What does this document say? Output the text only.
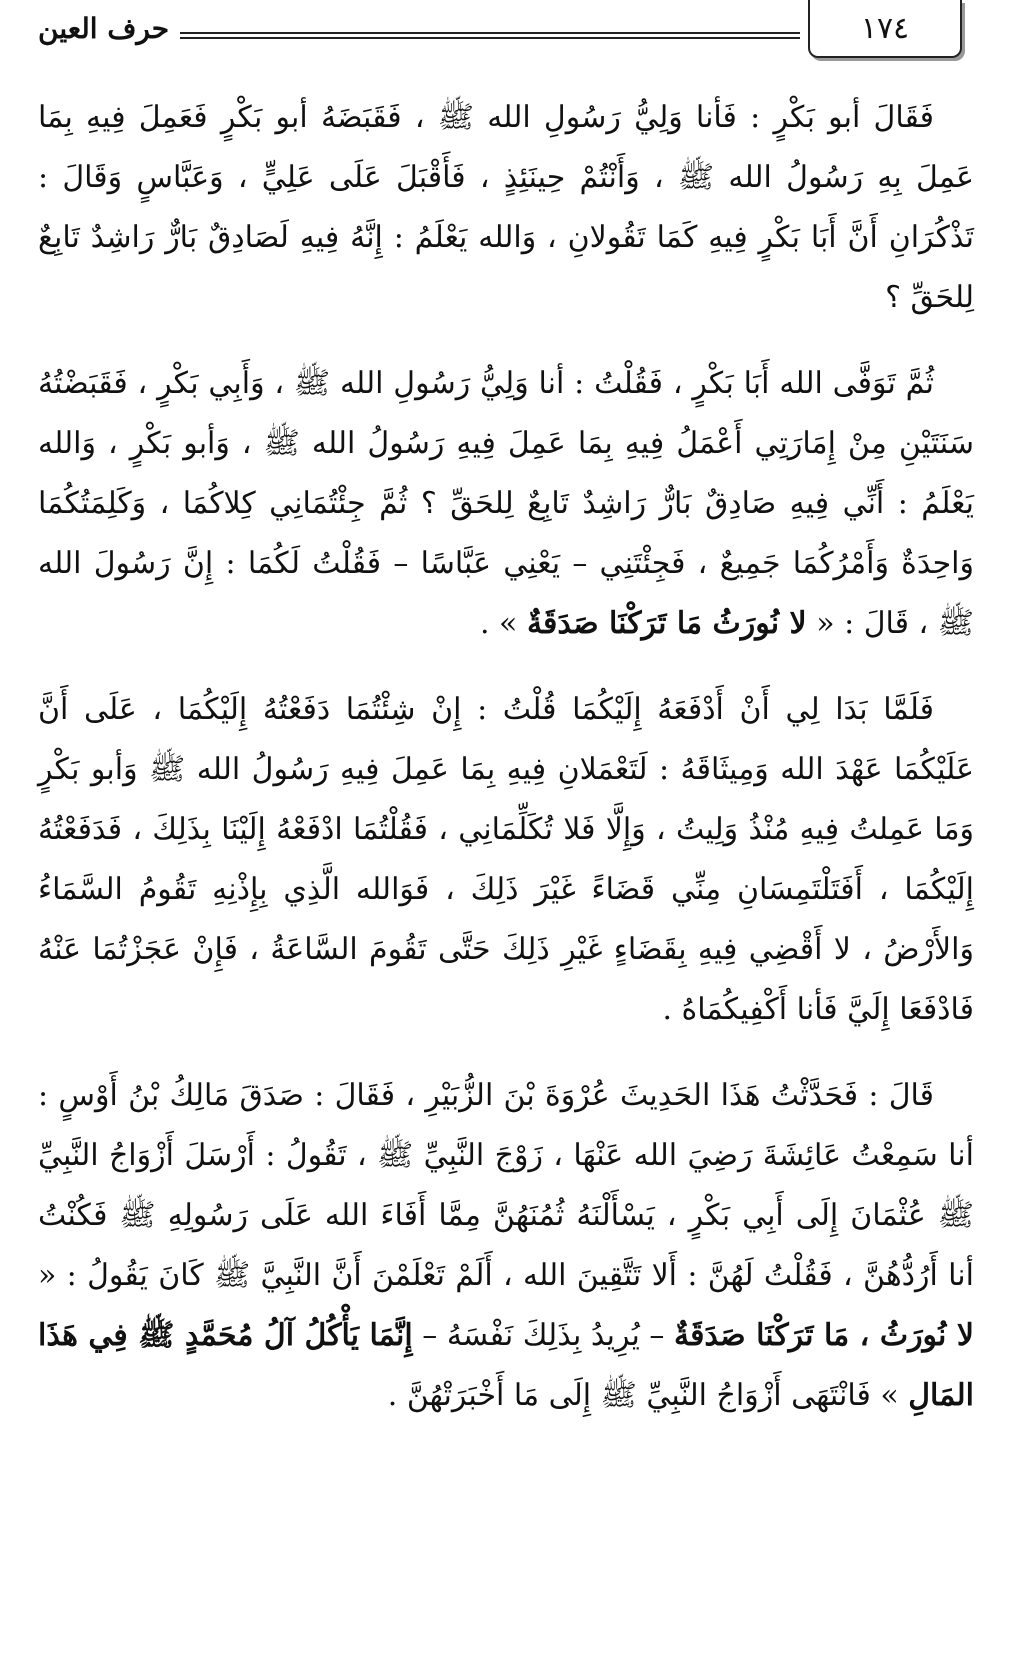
١٧٤
حرف العين

فَقَالَ أبو بَكْرٍ : فَأنا وَلِيُّ رَسُولِ الله ﷺ ، فَقَبَضَهُ أبو بَكْرٍ فَعَمِلَ فِيهِ بِمَا عَمِلَ بِهِ رَسُولُ الله ﷺ ، وَأَنْتُمْ حِينَئِذٍ ، فَأَقْبَلَ عَلَى عَلِيٍّ ، وَعَبَّاسٍ وَقَالَ : تَذْكُرَانِ أَنَّ أَبَا بَكْرٍ فِيهِ كَمَا تَقُولانِ ، وَالله يَعْلَمُ : إِنَّهُ فِيهِ لَصَادِقٌ بَارٌّ رَاشِدٌ تَابِعٌ لِلحَقِّ ؟

ثُمَّ تَوَفَّى الله أَبَا بَكْرٍ ، فَقُلْتُ : أنا وَلِيُّ رَسُولِ الله ﷺ ، وَأَبِي بَكْرٍ ، فَقَبَضْتُهُ سَنَتَيْنِ مِنْ إِمَارَتِي أَعْمَلُ فِيهِ بِمَا عَمِلَ فِيهِ رَسُولُ الله ﷺ ، وَأبو بَكْرٍ ، وَالله يَعْلَمُ : أَنِّي فِيهِ صَادِقٌ بَارٌّ رَاشِدٌ تَابِعٌ لِلحَقِّ ؟ ثُمَّ جِئْتُمَانِي كِلاكُمَا ، وَكَلِمَتُكُمَا وَاحِدَةٌ وَأَمْرُكُمَا جَمِيعٌ ، فَجِئْتَنِي – يَعْنِي عَبَّاسًا – فَقُلْتُ لَكُمَا : إِنَّ رَسُولَ الله ﷺ ، قَالَ : « لا نُورَثُ مَا تَرَكْنَا صَدَقَةٌ » .

فَلَمَّا بَدَا لِي أَنْ أَدْفَعَهُ إِلَيْكُمَا قُلْتُ : إِنْ شِئْتُمَا دَفَعْتُهُ إِلَيْكُمَا ، عَلَى أَنَّ عَلَيْكُمَا عَهْدَ الله وَمِيثَاقَهُ : لَتَعْمَلانِ فِيهِ بِمَا عَمِلَ فِيهِ رَسُولُ الله ﷺ وَأبو بَكْرٍ وَمَا عَمِلتُ فِيهِ مُنْذُ وَلِيتُ ، وَإِلَّا فَلا تُكَلِّمَانِي ، فَقُلْتُمَا ادْفَعْهُ إِلَيْنَا بِذَلِكَ ، فَدَفَعْتُهُ إِلَيْكُمَا ، أَفَتَلْتَمِسَانِ مِنِّي قَضَاءً غَيْرَ ذَلِكَ ، فَوَالله الَّذِي بِإِذْنِهِ تَقُومُ السَّمَاءُ وَالأَرْضُ ، لا أَقْضِي فِيهِ بِقَضَاءٍ غَيْرِ ذَلِكَ حَتَّى تَقُومَ السَّاعَةُ ، فَإِنْ عَجَزْتُمَا عَنْهُ فَادْفَعَا إِلَيَّ فَأنا أَكْفِيكُمَاهُ .

قَالَ : فَحَدَّثْتُ هَذَا الحَدِيثَ عُرْوَةَ بْنَ الزُّبَيْرِ ، فَقَالَ : صَدَقَ مَالِكُ بْنُ أَوْسٍ : أنا سَمِعْتُ عَائِشَةَ رَضِيَ الله عَنْهَا ، زَوْجَ النَّبِيِّ ﷺ ، تَقُولُ : أَرْسَلَ أَزْوَاجُ النَّبِيِّ ﷺ عُثْمَانَ إِلَى أَبِي بَكْرٍ ، يَسْأَلْنَهُ ثُمُنَهُنَّ مِمَّا أَفَاءَ الله عَلَى رَسُولِهِ ﷺ فَكُنْتُ أنا أَرُدُّهُنَّ ، فَقُلْتُ لَهُنَّ : أَلا تَتَّقِينَ الله ، أَلَمْ تَعْلَمْنَ أَنَّ النَّبِيَّ ﷺ كَانَ يَقُولُ : « لا نُورَثُ ، مَا تَرَكْنَا صَدَقَةٌ – يُرِيدُ بِذَلِكَ نَفْسَهُ – إِنَّمَا يَأْكُلُ آلُ مُحَمَّدٍ ﷺ فِي هَذَا المَالِ » فَانْتَهَى أَزْوَاجُ النَّبِيِّ ﷺ إِلَى مَا أَخْبَرَتْهُنَّ .
